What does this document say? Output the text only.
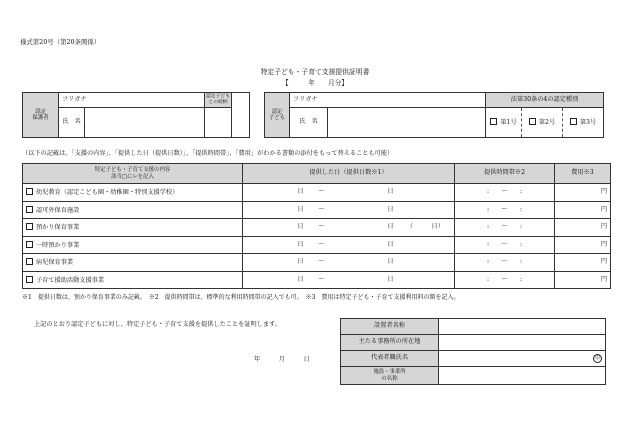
様式第20号（第20条関係）
特定子ども・子育て支援提供証明書
【　　　年　　月分】
認定
保護者	フリガナ		認定子ども
との続柄	
	氏　名			
認定
子ども	フリガナ		法第30条の4の認定種別		
	氏　名		第1号	第2号	第3号
（以下の記載は、「支援の内容」、「提供した日（提供日数）」、「提供時間帯」、「費用」がわかる書類の添付をもって替えることも可能）
特定子ども・子育て支援の内容
該当□にレを記入	提供した日（提供日数※1）				提供時間帯※2	費用※3
幼児教育（認定こども園・幼稚園・特別支援学校）	日	〜	日		:　　〜　　:	円
認可外保育施設	日	〜	日		:　　〜　　:	円
預かり保育事業	日	〜	日	（　　　日）	:　　〜　　:	円
一時預かり事業	日	〜	日		:　　〜　　:	円
病児保育事業	日	〜	日		:　　〜　　:	円
子育て援助活動支援事業	日	〜	日		:　　〜　　:	円
※1　提供日数は、預かり保育事業のみ記載。　※2　提供時間帯は、標準的な利用時間帯の記入でも可。　※3　費用は特定子ども・子育て支援利用料の額を記入。
上記のとおり認定子どもに対し、特定子ども・子育て支援を提供したことを証明します。
年　　　月　　　日
設置者名称	
主たる事務所の所在地	
代表者職氏名	印
施設・事業所
の名称	
